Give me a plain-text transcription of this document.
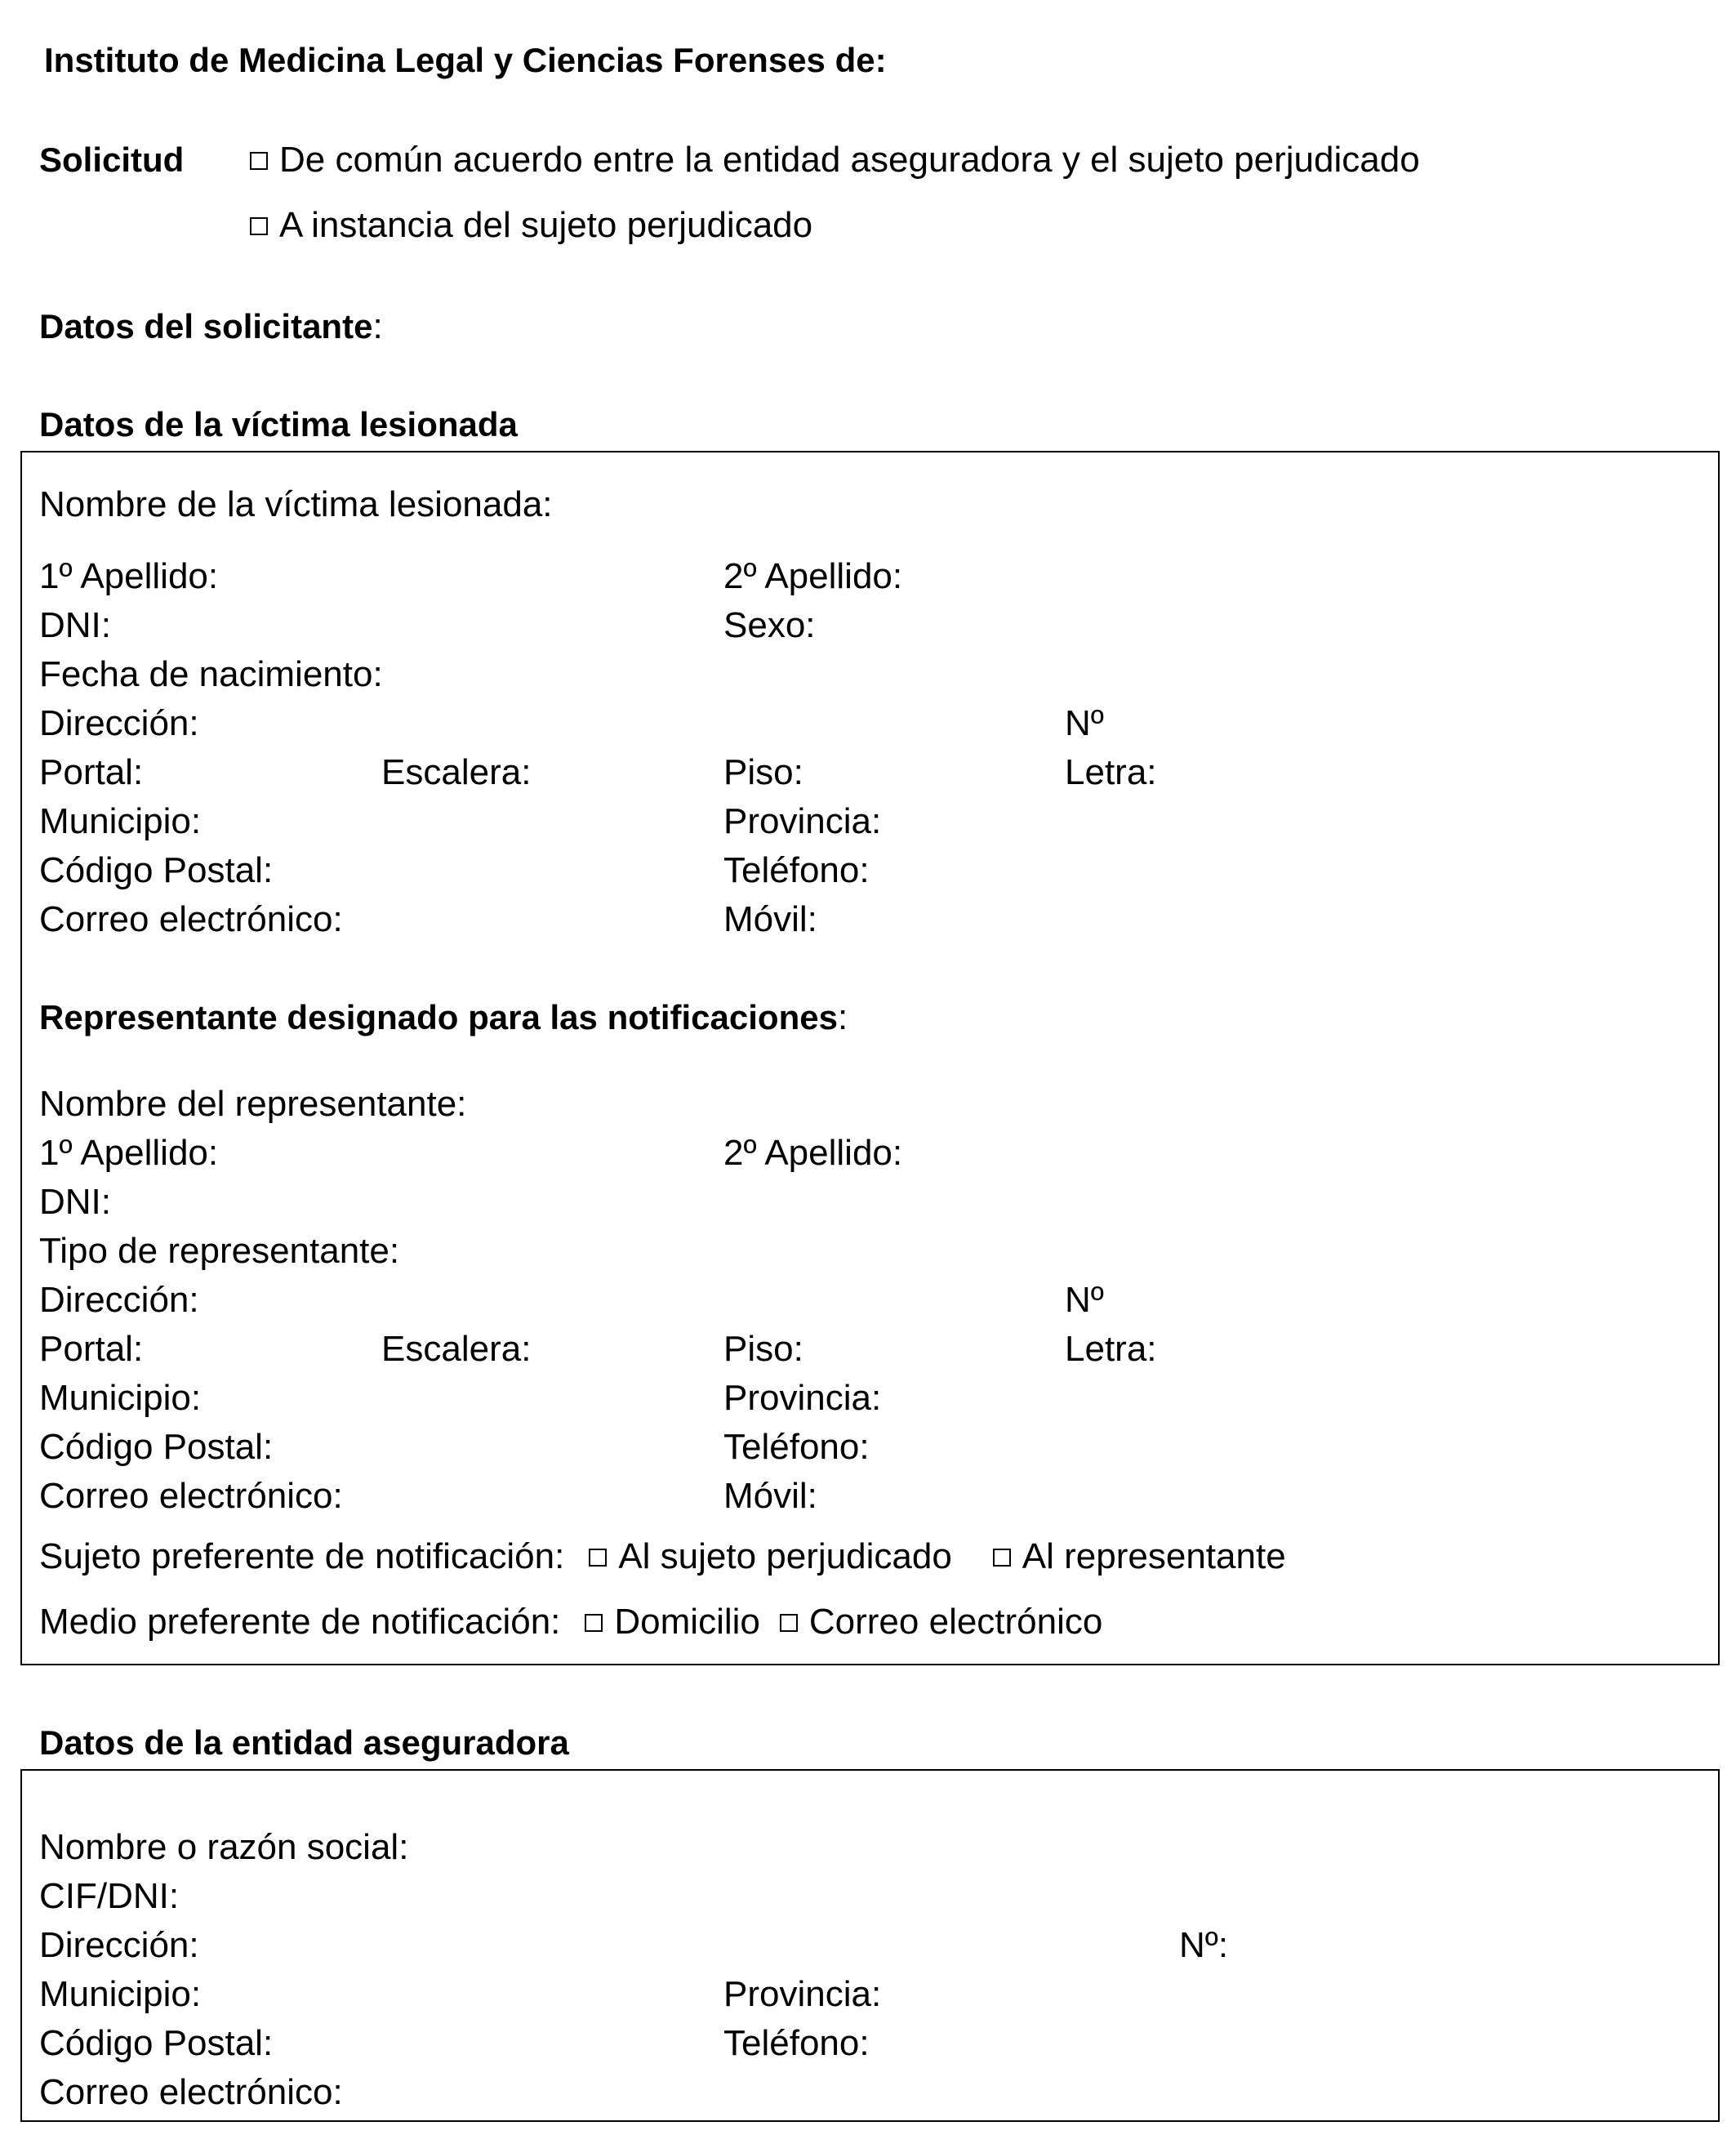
Instituto de Medicina Legal y Ciencias Forenses de:
Solicitud	De común acuerdo entre la entidad aseguradora y el sujeto perjudicado
A instancia del sujeto perjudicado
Datos del solicitante:
Datos de la víctima lesionada
Nombre de la víctima lesionada:
1º Apellido:	2º Apellido:
DNI:	Sexo:
Fecha de nacimiento:
Dirección:	Nº
Portal:	Escalera:	Piso:	Letra:
Municipio:	Provincia:
Código Postal:	Teléfono:
Correo electrónico:	Móvil:
Representante designado para las notificaciones:
Nombre del representante:
1º Apellido:	2º Apellido:
DNI:
Tipo de representante:
Dirección:	Nº
Portal:	Escalera:	Piso:	Letra:
Municipio:	Provincia:
Código Postal:	Teléfono:
Correo electrónico:	Móvil:
Sujeto preferente de notificación: Al sujeto perjudicado Al representante
Medio preferente de notificación: Domicilio Correo electrónico
Datos de la entidad aseguradora
Nombre o razón social:
CIF/DNI:
Dirección:	Nº:
Municipio:	Provincia:
Código Postal:	Teléfono:
Correo electrónico:
